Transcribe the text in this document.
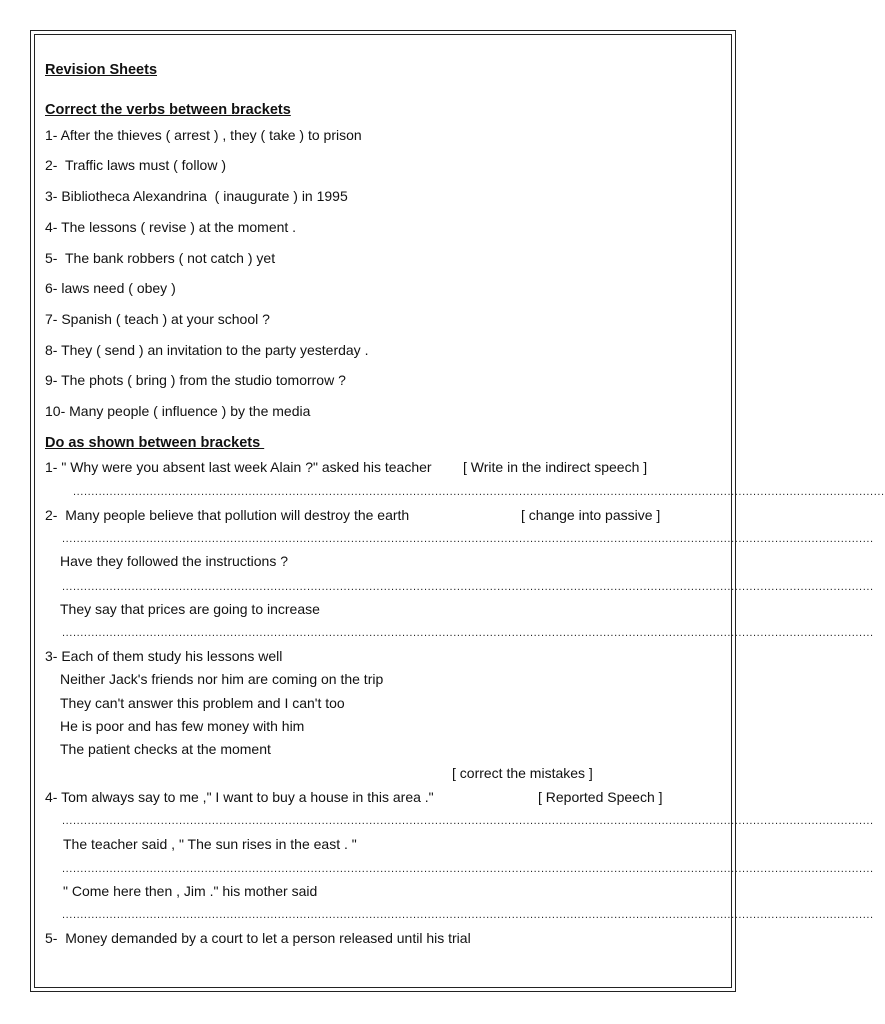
Revision Sheets
Correct the verbs between brackets
1- After the thieves ( arrest ) , they ( take ) to prison
2-  Traffic laws must ( follow )
3- Bibliotheca Alexandrina  ( inaugurate ) in 1995
4- The lessons ( revise ) at the moment .
5-  The bank robbers ( not catch ) yet
6- laws need ( obey )
7- Spanish ( teach ) at your school ?
8- They ( send ) an invitation to the party yesterday .
9- The phots ( bring ) from the studio tomorrow ?
10- Many people ( influence ) by the media
Do as shown between brackets
1- " Why were you absent last week Alain ?" asked his teacher [ Write in the indirect speech ]
..............................................................................................................................................................................................................................
2-  Many people believe that pollution will destroy the earth	[ change into passive ]
..............................................................................................................................................................................................................................
Have they followed the instructions ?
..............................................................................................................................................................................................................................
They say that prices are going to increase
..............................................................................................................................................................................................................................
3- Each of them study his lessons well
Neither Jack's friends nor him are coming on the trip
They can't answer this problem and I can't too
He is poor and has few money with him
The patient checks at the moment
[ correct the mistakes ]
4- Tom always say to me ," I want to buy a house in this area ."	[ Reported Speech ]
..............................................................................................................................................................................................................................
The teacher said , " The sun rises in the east . "
..............................................................................................................................................................................................................................
" Come here then , Jim ." his mother said
..............................................................................................................................................................................................................................
5-  Money demanded by a court to let a person released until his trial
